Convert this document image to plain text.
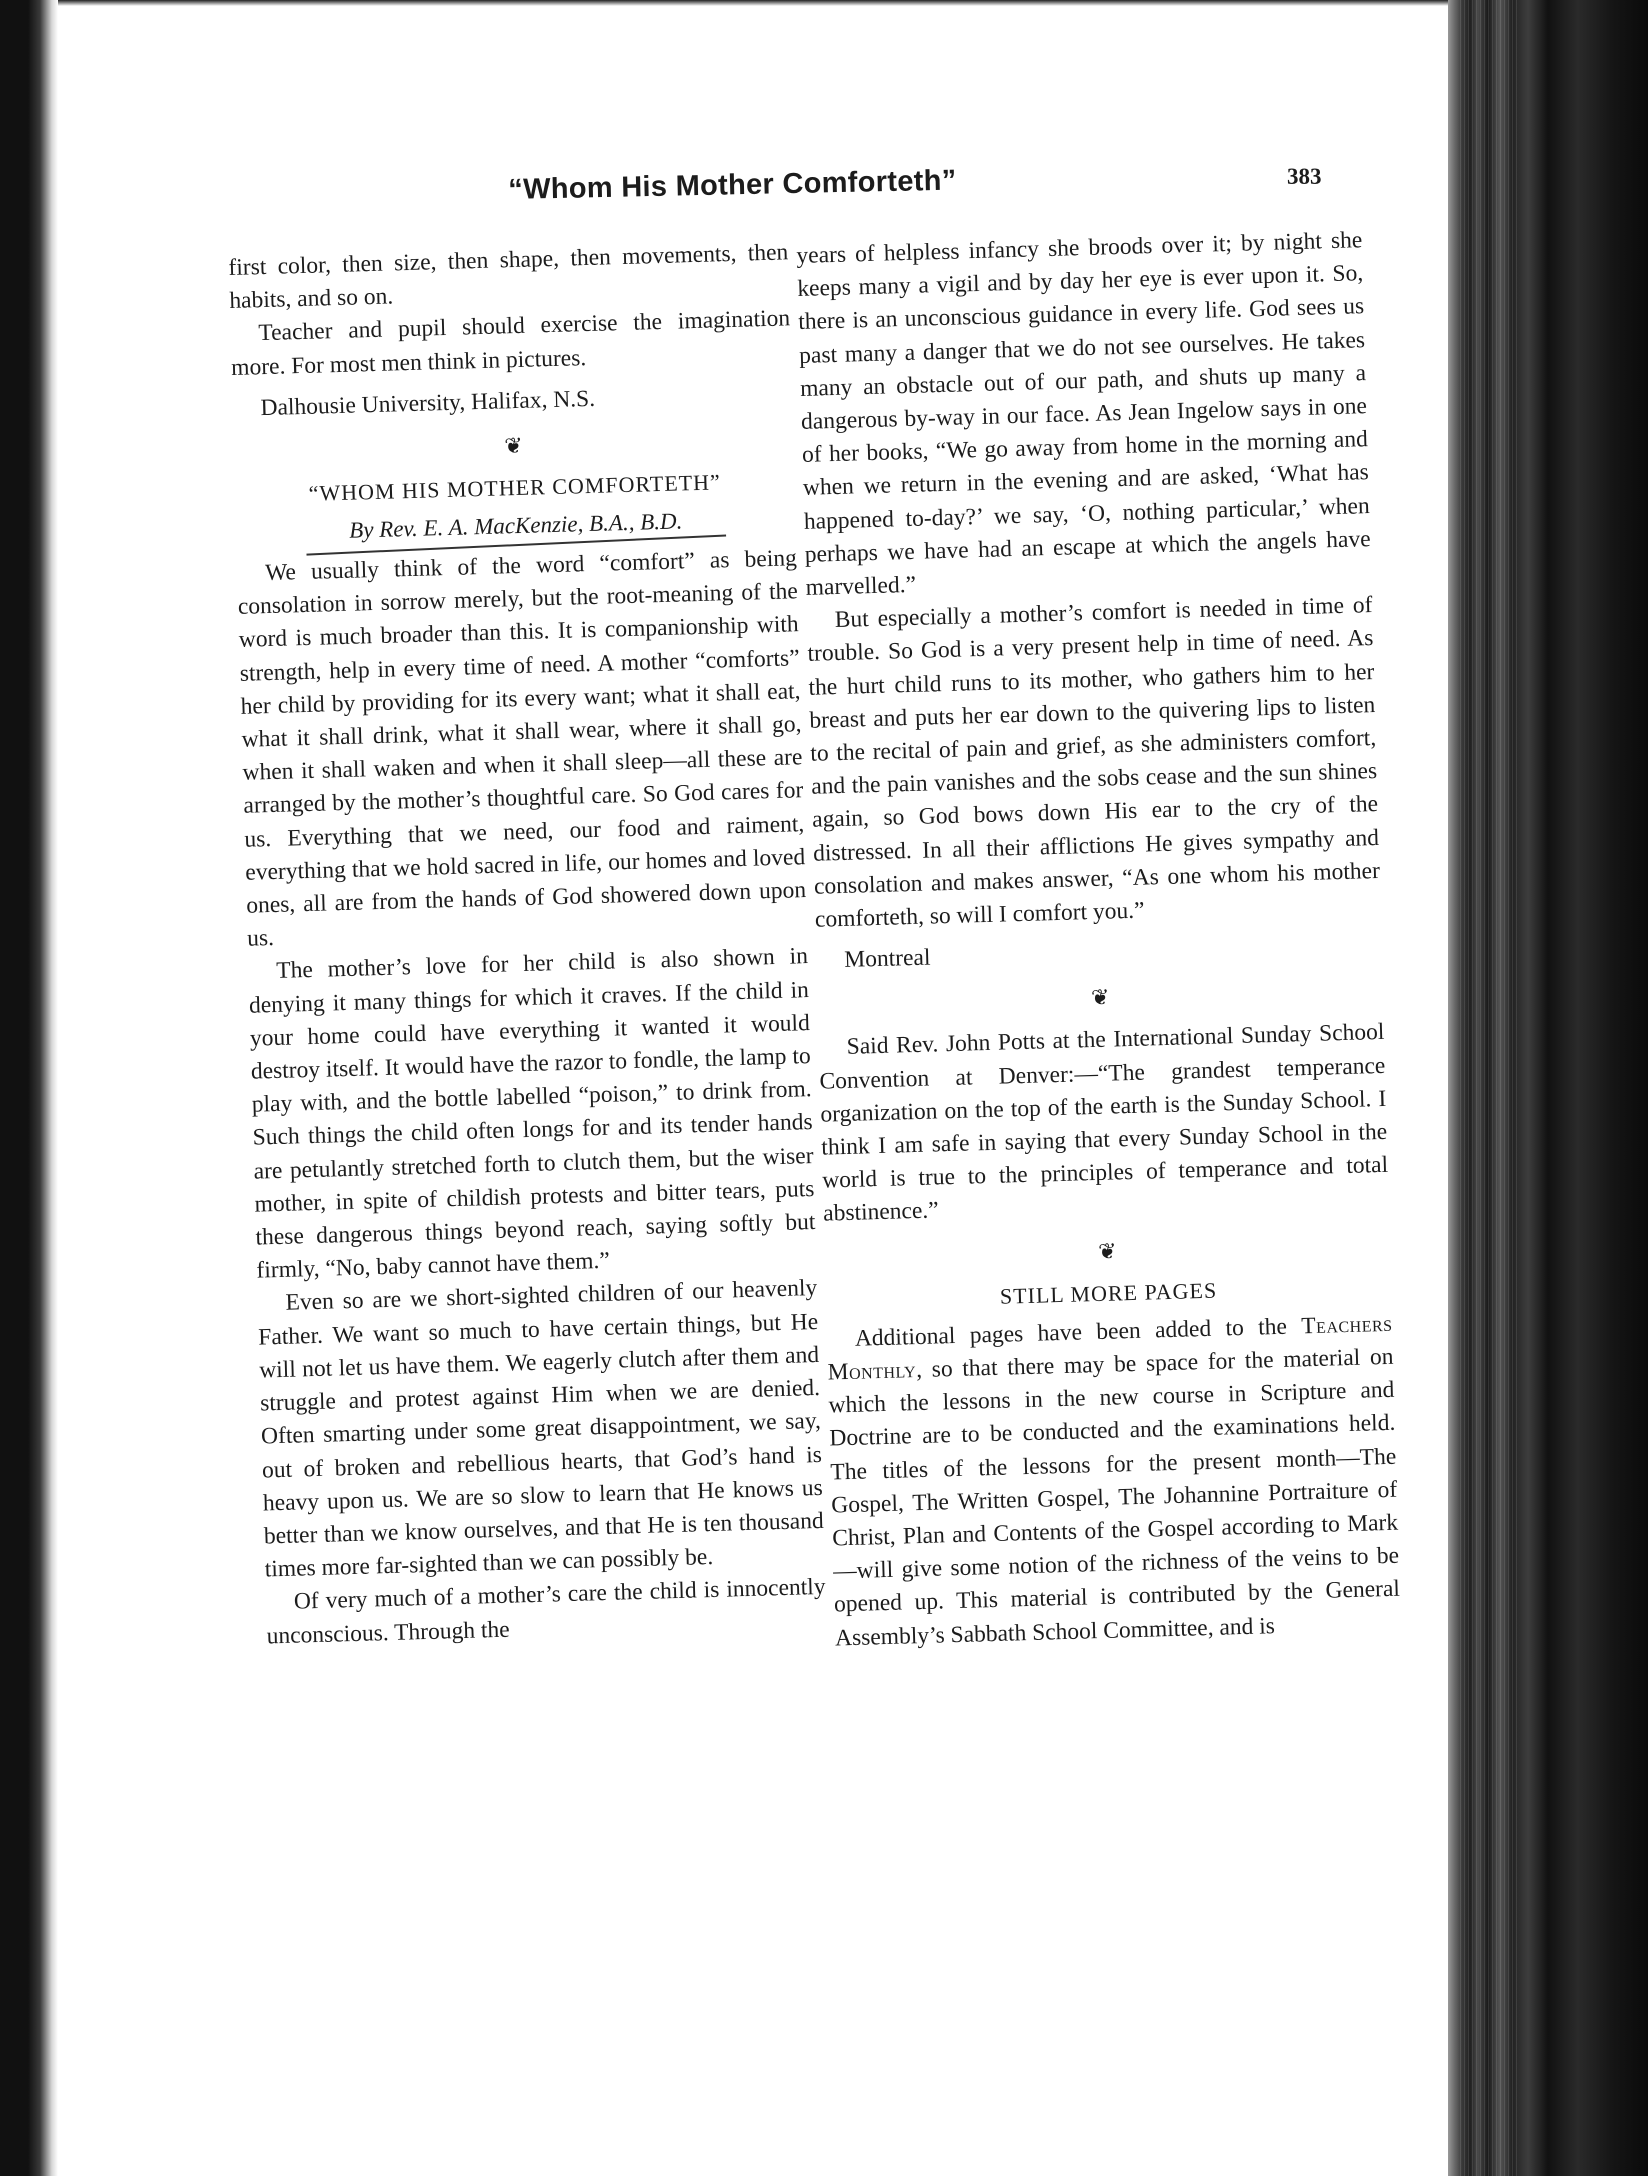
“Whom His Mother Comforteth”	383

first color, then size, then shape, then movements, then habits, and so on.

Teacher and pupil should exercise the imagination more. For most men think in pictures.

Dalhousie University, Halifax, N.S.

❦
“WHOM HIS MOTHER COMFORTETH”
By Rev. E. A. MacKenzie, B.A., B.D.

We usually think of the word “comfort” as being consolation in sorrow merely, but the root-meaning of the word is much broader than this. It is companionship with strength, help in every time of need. A mother “comforts” her child by providing for its every want; what it shall eat, what it shall drink, what it shall wear, where it shall go, when it shall waken and when it shall sleep—all these are arranged by the mother’s thoughtful care. So God cares for us. Everything that we need, our food and raiment, everything that we hold sacred in life, our homes and loved ones, all are from the hands of God showered down upon us.

The mother’s love for her child is also shown in denying it many things for which it craves. If the child in your home could have everything it wanted it would destroy itself. It would have the razor to fondle, the lamp to play with, and the bottle labelled “poison,” to drink from. Such things the child often longs for and its tender hands are petulantly stretched forth to clutch them, but the wiser mother, in spite of childish protests and bitter tears, puts these dangerous things beyond reach, saying softly but firmly, “No, baby cannot have them.”

Even so are we short-sighted children of our heavenly Father. We want so much to have certain things, but He will not let us have them. We eagerly clutch after them and struggle and protest against Him when we are denied. Often smarting under some great disappointment, we say, out of broken and rebellious hearts, that God’s hand is heavy upon us. We are so slow to learn that He knows us better than we know ourselves, and that He is ten thousand times more far-sighted than we can possibly be.

Of very much of a mother’s care the child is innocently unconscious. Through the

years of helpless infancy she broods over it; by night she keeps many a vigil and by day her eye is ever upon it. So, there is an unconscious guidance in every life. God sees us past many a danger that we do not see ourselves. He takes many an obstacle out of our path, and shuts up many a dangerous by-way in our face. As Jean Ingelow says in one of her books, “We go away from home in the morning and when we return in the evening and are asked, ‘What has happened to-day?’ we say, ‘O, nothing particular,’ when perhaps we have had an escape at which the angels have marvelled.”

But especially a mother’s comfort is needed in time of trouble. So God is a very present help in time of need. As the hurt child runs to its mother, who gathers him to her breast and puts her ear down to the quivering lips to listen to the recital of pain and grief, as she administers comfort, and the pain vanishes and the sobs cease and the sun shines again, so God bows down His ear to the cry of the distressed. In all their afflictions He gives sympathy and consolation and makes answer, “As one whom his mother comforteth, so will I comfort you.”

Montreal

❦

Said Rev. John Potts at the International Sunday School Convention at Denver:—“The grandest temperance organization on the top of the earth is the Sunday School. I think I am safe in saying that every Sunday School in the world is true to the principles of temperance and total abstinence.”

❦
STILL MORE PAGES

Additional pages have been added to the Teachers Monthly, so that there may be space for the material on which the lessons in the new course in Scripture and Doctrine are to be conducted and the examinations held. The titles of the lessons for the present month—The Gospel, The Written Gospel, The Johannine Portraiture of Christ, Plan and Contents of the Gospel according to Mark—will give some notion of the richness of the veins to be opened up. This material is contributed by the General Assembly’s Sabbath School Committee, and is
